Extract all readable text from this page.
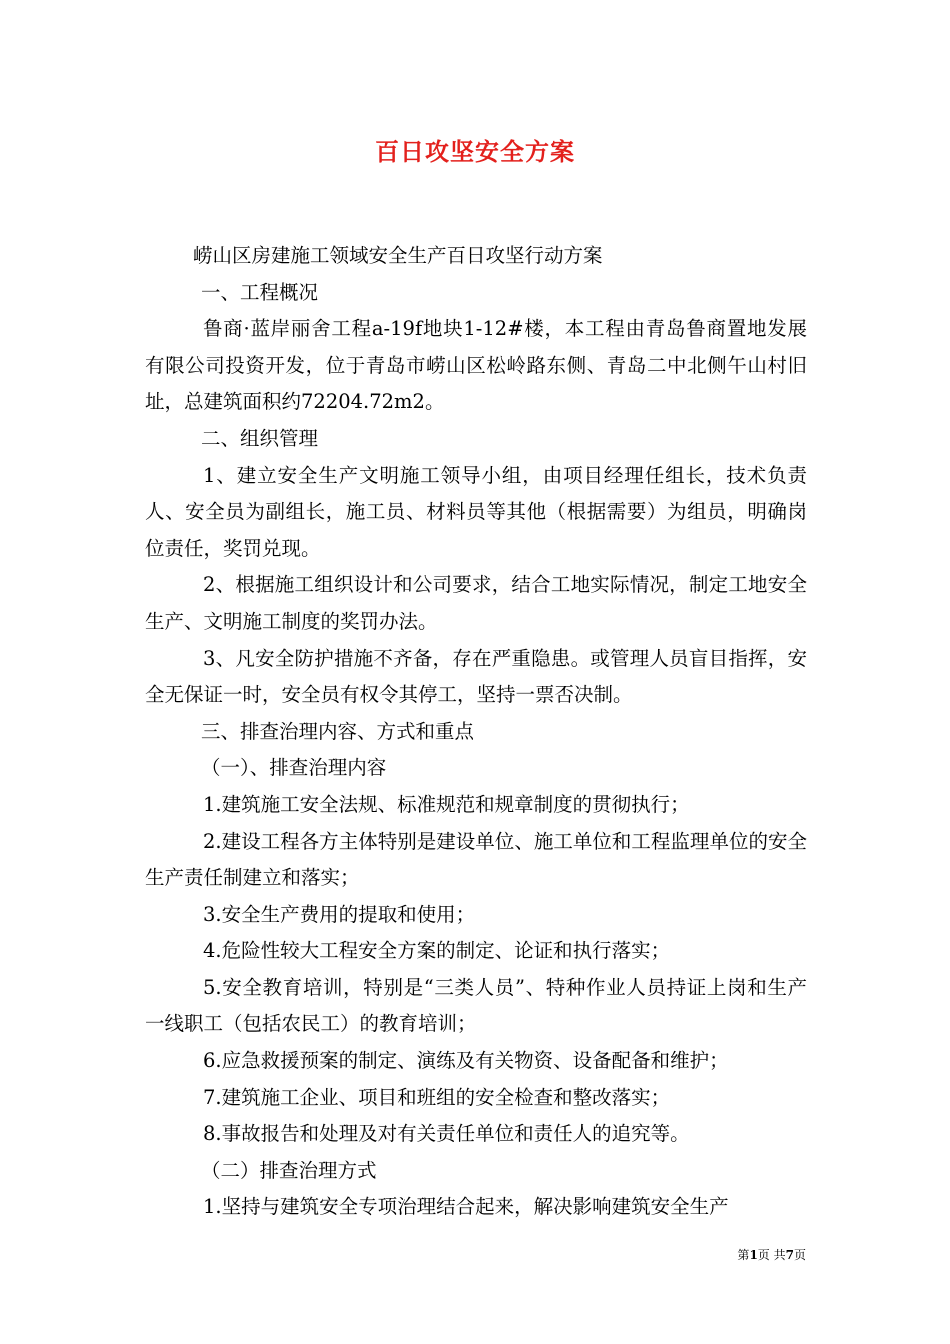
百日攻坚安全方案

崂山区房建施工领域安全生产百日攻坚行动方案

一、工程概况

鲁商·蓝岸丽舍工程a-19f地块1-12#楼，本工程由青岛鲁商置地发展有限公司投资开发，位于青岛市崂山区松岭路东侧、青岛二中北侧午山村旧址，总建筑面积约72204.72m2。

二、组织管理

1、建立安全生产文明施工领导小组，由项目经理任组长，技术负责人、安全员为副组长，施工员、材料员等其他（根据需要）为组员，明确岗位责任，奖罚兑现。

2、根据施工组织设计和公司要求，结合工地实际情况，制定工地安全生产、文明施工制度的奖罚办法。

3、凡安全防护措施不齐备，存在严重隐患。或管理人员盲目指挥，安全无保证一时，安全员有权令其停工，坚持一票否决制。

三、排查治理内容、方式和重点

（一）、排查治理内容

1.建筑施工安全法规、标准规范和规章制度的贯彻执行；

2.建设工程各方主体特别是建设单位、施工单位和工程监理单位的安全生产责任制建立和落实；

3.安全生产费用的提取和使用；

4.危险性较大工程安全方案的制定、论证和执行落实；

5.安全教育培训，特别是“三类人员”、特种作业人员持证上岗和生产一线职工（包括农民工）的教育培训；

6.应急救援预案的制定、演练及有关物资、设备配备和维护；

7.建筑施工企业、项目和班组的安全检查和整改落实；

8.事故报告和处理及对有关责任单位和责任人的追究等。

（二）排查治理方式

1.坚持与建筑安全专项治理结合起来，解决影响建筑安全生产

第1页 共7页
